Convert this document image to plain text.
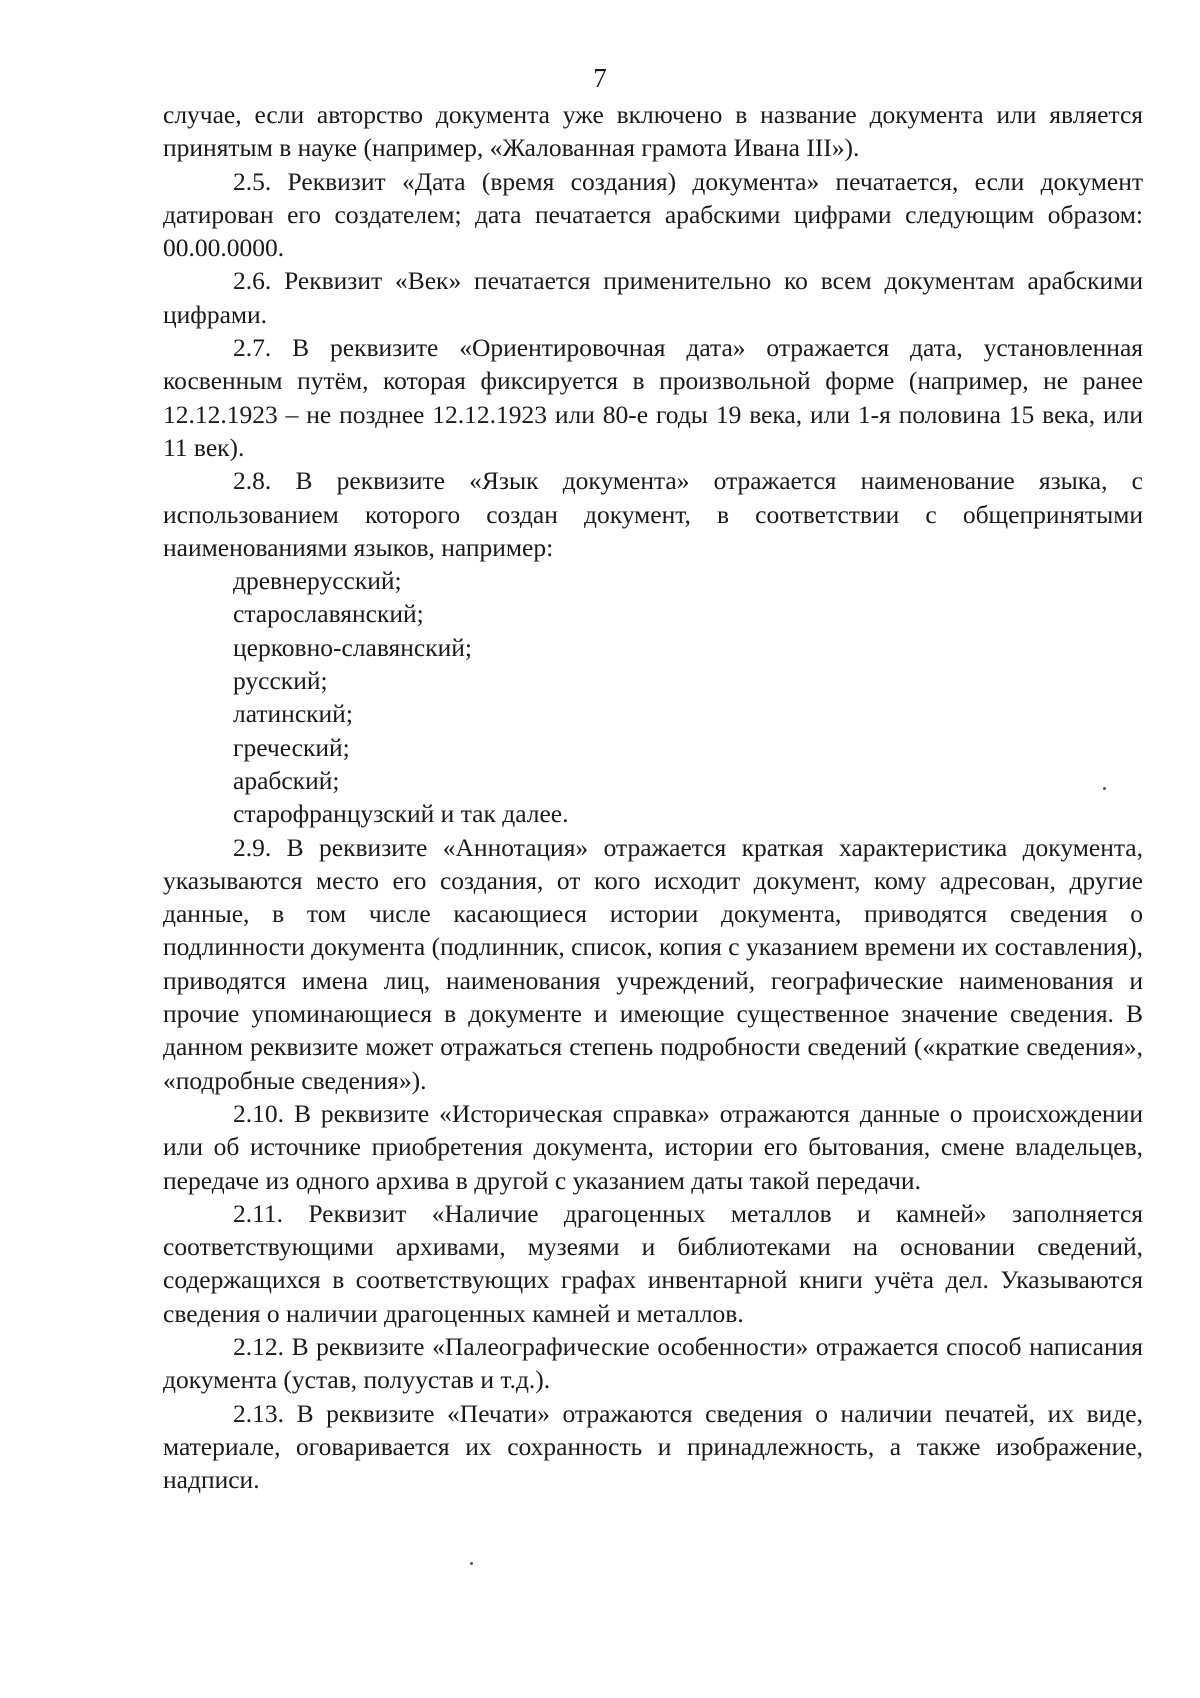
7

случае, если авторство документа уже включено в название документа или является принятым в науке (например, «Жалованная грамота Ивана III»).

2.5. Реквизит «Дата (время создания) документа» печатается, если документ датирован его создателем; дата печатается арабскими цифрами следующим образом: 00.00.0000.

2.6. Реквизит «Век» печатается применительно ко всем документам арабскими цифрами.

2.7. В реквизите «Ориентировочная дата» отражается дата, установленная косвенным путём, которая фиксируется в произвольной форме (например, не ранее 12.12.1923 – не позднее 12.12.1923 или 80-е годы 19 века, или 1-я половина 15 века, или 11 век).

2.8. В реквизите «Язык документа» отражается наименование языка, с использованием которого создан документ, в соответствии с общепринятыми наименованиями языков, например:

древнерусский;

старославянский;

церковно-славянский;

русский;

латинский;

греческий;

арабский;

старофранцузский и так далее.

2.9. В реквизите «Аннотация» отражается краткая характеристика документа, указываются место его создания, от кого исходит документ, кому адресован, другие данные, в том числе касающиеся истории документа, приводятся сведения о подлинности документа (подлинник, список, копия с указанием времени их составления), приводятся имена лиц, наименования учреждений, географические наименования и прочие упоминающиеся в документе и имеющие существенное значение сведения. В данном реквизите может отражаться степень подробности сведений («краткие сведения», «подробные сведения»).

2.10. В реквизите «Историческая справка» отражаются данные о происхождении или об источнике приобретения документа, истории его бытования, смене владельцев, передаче из одного архива в другой с указанием даты такой передачи.

2.11. Реквизит «Наличие драгоценных металлов и камней» заполняется соответствующими архивами, музеями и библиотеками на основании сведений, содержащихся в соответствующих графах инвентарной книги учёта дел. Указываются сведения о наличии драгоценных камней и металлов.

2.12. В реквизите «Палеографические особенности» отражается способ написания документа (устав, полуустав и т.д.).

2.13. В реквизите «Печати» отражаются сведения о наличии печатей, их виде, материале, оговаривается их сохранность и принадлежность, а также изображение, надписи.
